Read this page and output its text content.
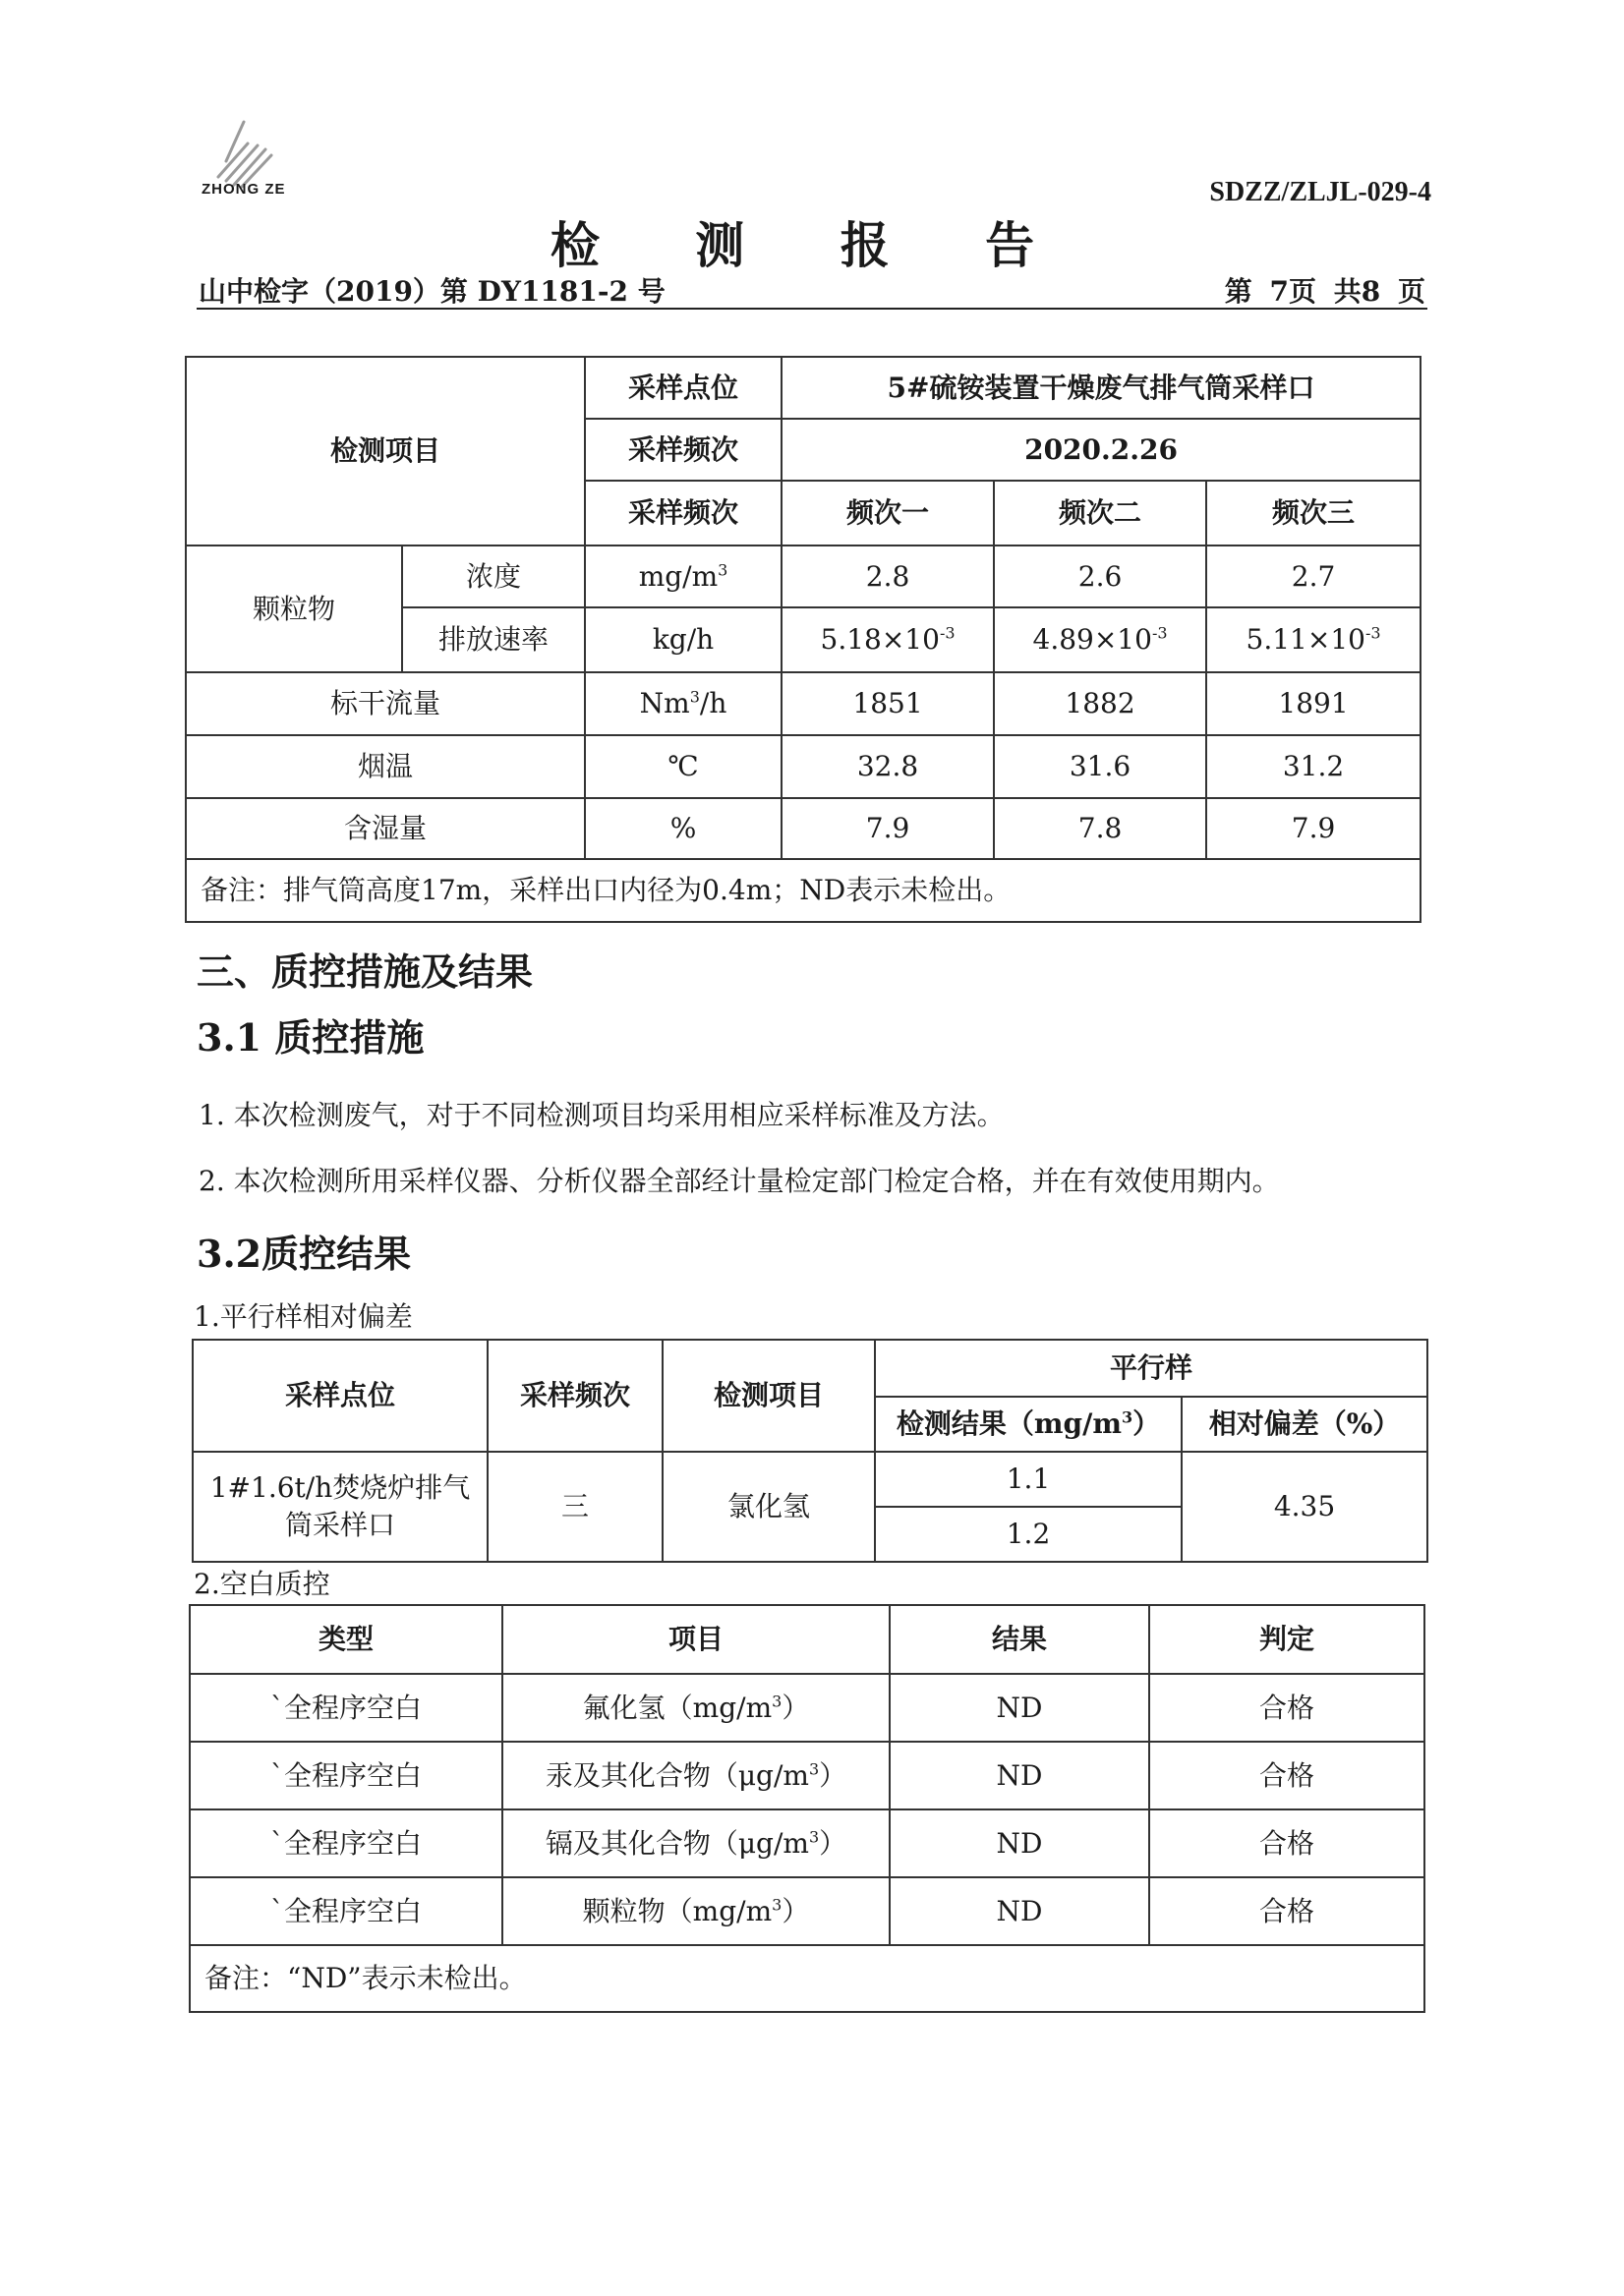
ZHONG ZE	SDZZ/ZLJL-029-4
检 测 报 告
山中检字（2019）第 DY1181-2 号	第 7页 共8 页
检测项目		采样点位	5#硫铵装置干燥废气排气筒采样口		
		采样频次	2020.2.26		
		采样频次	频次一	频次二	频次三
颗粒物	浓度	$mg/m^3$	2.8	2.6	2.7
	排放速率	kg/h	$5.18\times 10^{-3}$	$4.89\times 10^{-3}$	$5.11\times 10^{-3}$
标干流量		Nm$^3$/h	1851	1882	1891
烟温		℃	32.8	31.6	31.2
含湿量		%	7.9	7.8	7.9
备注：排气筒高度17m，采样出口内径为0.4m；ND表示未检出。					
三、质控措施及结果
3.1 质控措施
1. 本次检测废气，对于不同检测项目均采用相应采样标准及方法。
2. 本次检测所用采样仪器、分析仪器全部经计量检定部门检定合格，并在有效使用期内。
3.2质控结果
1.平行样相对偏差
采样点位	采样频次	检测项目	平行样	
			检测结果$(mg/m^3)$	相对偏差（%）
1#1.6t/h焚烧炉排气
筒采样口	三	氯化氢	1.1	4.35
			1.2	
2.空白质控
类型	项目	结果	判定
`全程序空白	氟化氢$(mg/m^3)$	ND	合格
`全程序空白	汞及其化合物$(\mu g/m^3)$	ND	合格
`全程序空白	镉及其化合物$(\mu g/m^3)$	ND	合格
`全程序空白	颗粒物$(mg/m^3)$	ND	合格
备注：“ND”表示未检出。			
